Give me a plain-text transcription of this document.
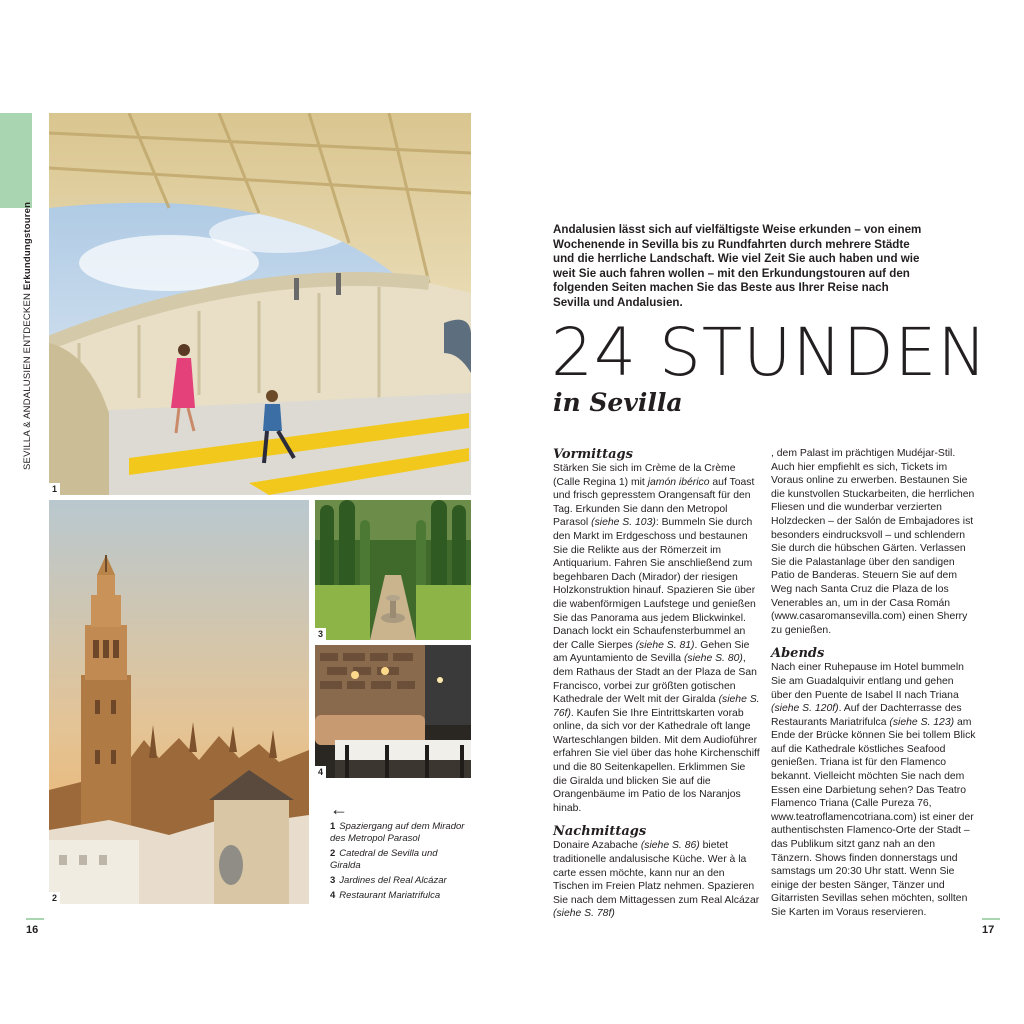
SEVILLA & ANDALUSIEN ENTDECKEN Erkundungstouren
1
2
3
4
←
1 Spaziergang auf dem Mirador des Metropol Parasol
2 Catedral de Sevilla und Giralda
3 Jardines del Real Alcázar
4 Restaurant Mariatrifulca
16	17
Andalusien lässt sich auf vielfältigste Weise erkunden – von einem Wochenende in Sevilla bis zu Rundfahrten durch mehrere Städte und die herrliche Landschaft. Wie viel Zeit Sie auch haben und wie weit Sie auch fahren wollen – mit den Erkundungstouren auf den folgenden Seiten machen Sie das Beste aus Ihrer Reise nach Sevilla und Andalusien.
24 STUNDEN
in Sevilla
Vormittags

Stärken Sie sich im Crème de la Crème (Calle Regina 1) mit jamón ibérico auf Toast und frisch gepresstem Orangensaft für den Tag. Erkunden Sie dann den Metropol Parasol (siehe S. 103): Bummeln Sie durch den Markt im Erdgeschoss und bestaunen Sie die Relikte aus der Römerzeit im Antiquarium. Fahren Sie anschließend zum begehbaren Dach (Mirador) der riesigen Holzkonstruktion hinauf. Spazieren Sie über die wabenförmigen Laufstege und genießen Sie das Panorama aus jedem Blickwinkel. Danach lockt ein Schaufensterbummel an der Calle Sierpes (siehe S. 81). Gehen Sie am Ayuntamiento de Sevilla (siehe S. 80), dem Rathaus der Stadt an der Plaza de San Francisco, vorbei zur größten gotischen Kathedrale der Welt mit der Giralda (siehe S. 76f). Kaufen Sie Ihre Eintrittskarten vorab online, da sich vor der Kathedrale oft lange Warteschlangen bilden. Mit dem Audioführer erfahren Sie viel über das hohe Kirchenschiff und die 80 Seitenkapellen. Erklimmen Sie die Giralda und blicken Sie auf die Orangenbäume im Patio de los Naranjos hinab.

Nachmittags

Donaire Azabache (siehe S. 86) bietet traditionelle andalusische Küche. Wer à la carte essen möchte, kann nur an den Tischen im Freien Platz nehmen. Spazieren Sie nach dem Mittagessen zum Real Alcázar (siehe S. 78f)

, dem Palast im prächtigen Mudéjar-Stil. Auch hier empfiehlt es sich, Tickets im Voraus online zu erwerben. Bestaunen Sie die kunstvollen Stuckarbeiten, die herrlichen Fliesen und die wunderbar verzierten Holzdecken – der Salón de Embajadores ist besonders eindrucksvoll – und schlendern Sie durch die hübschen Gärten. Verlassen Sie die Palastanlage über den sandigen Patio de Banderas. Steuern Sie auf dem Weg nach Santa Cruz die Plaza de los Venerables an, um in der Casa Román (www.casaromansevilla.com) einen Sherry zu genießen.

Abends

Nach einer Ruhepause im Hotel bummeln Sie am Guadalquivir entlang und gehen über den Puente de Isabel II nach Triana (siehe S. 120f). Auf der Dachterrasse des Restaurants Mariatrifulca (siehe S. 123) am Ende der Brücke können Sie bei tollem Blick auf die Kathedrale köstliches Seafood genießen. Triana ist für den Flamenco bekannt. Vielleicht möchten Sie nach dem Essen eine Darbietung sehen? Das Teatro Flamenco Triana (Calle Pureza 76, www.teatroflamencotriana.com) ist einer der authentischsten Flamenco-Orte der Stadt – das Publikum sitzt ganz nah an den Tänzern. Shows finden donnerstags und samstags um 20:30 Uhr statt. Wenn Sie einige der besten Sänger, Tänzer und Gitarristen Sevillas sehen möchten, sollten Sie Karten im Voraus reservieren.
